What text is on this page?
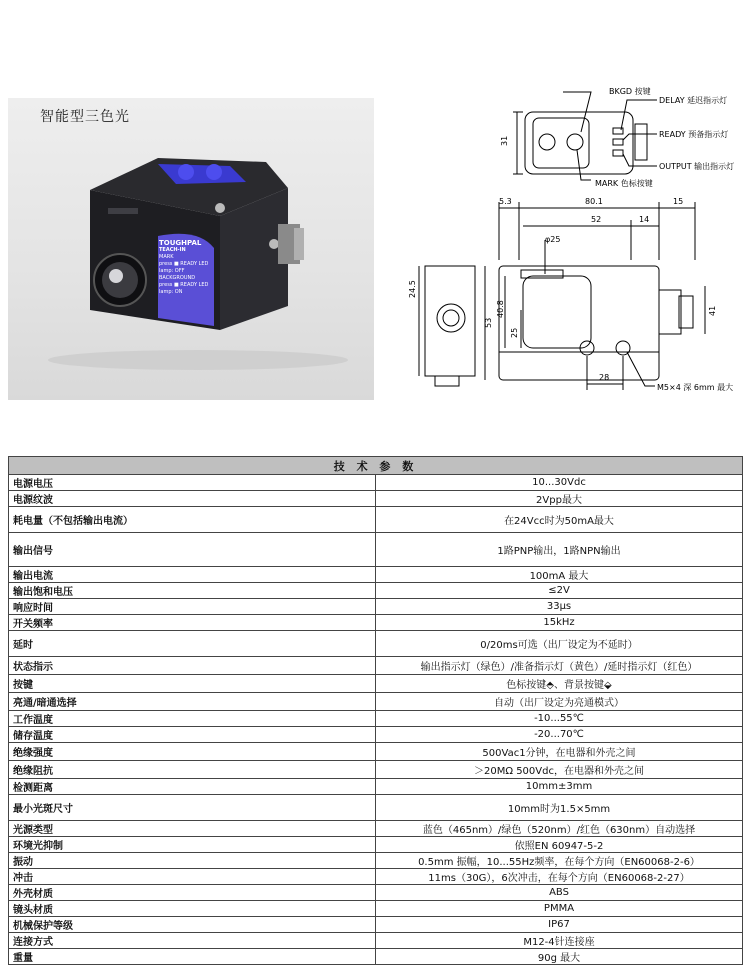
智能型三色光
TOUGHPAL
TEACH-IN
MARK
press ■ READY LED
lamp: OFF
BACKGROUND
press ■ READY LED
lamp: ON
BKGD 按键
DELAY 延迟指示灯
READY 预备指示灯
OUTPUT 输出指示灯
MARK 色标按键
M5×4 深 6mm 最大
31
5.3	80.1	15
52	14
φ25
24.5
53
40.8
25
41
28
技 术 参 数	
电源电压	10...30Vdc
电源纹波	2Vpp最大
耗电量（不包括输出电流）	在24Vcc时为50mA最大
输出信号	1路PNP输出，1路NPN输出
输出电流	100mA 最大
输出饱和电压	≤2V
响应时间	33μs
开关频率	15kHz
延时	0/20ms可选（出厂设定为不延时）
状态指示	输出指示灯（绿色）/准备指示灯（黄色）/延时指示灯（红色）
按键	色标按键⬘、背景按键⬙
亮通/暗通选择	自动（出厂设定为亮通模式）
工作温度	-10...55℃
储存温度	-20...70℃
绝缘强度	500Vac1分钟，在电器和外壳之间
绝缘阻抗	＞20MΩ 500Vdc，在电器和外壳之间
检测距离	10mm±3mm
最小光斑尺寸	10mm时为1.5×5mm
光源类型	蓝色（465nm）/绿色（520nm）/红色（630nm）自动选择
环境光抑制	依照EN 60947-5-2
振动	0.5mm 振幅，10...55Hz频率，在每个方向（EN60068-2-6）
冲击	11ms（30G），6次冲击，在每个方向（EN60068-2-27）
外壳材质	ABS
镜头材质	PMMA
机械保护等级	IP67
连接方式	M12-4针连接座
重量	90g 最大
